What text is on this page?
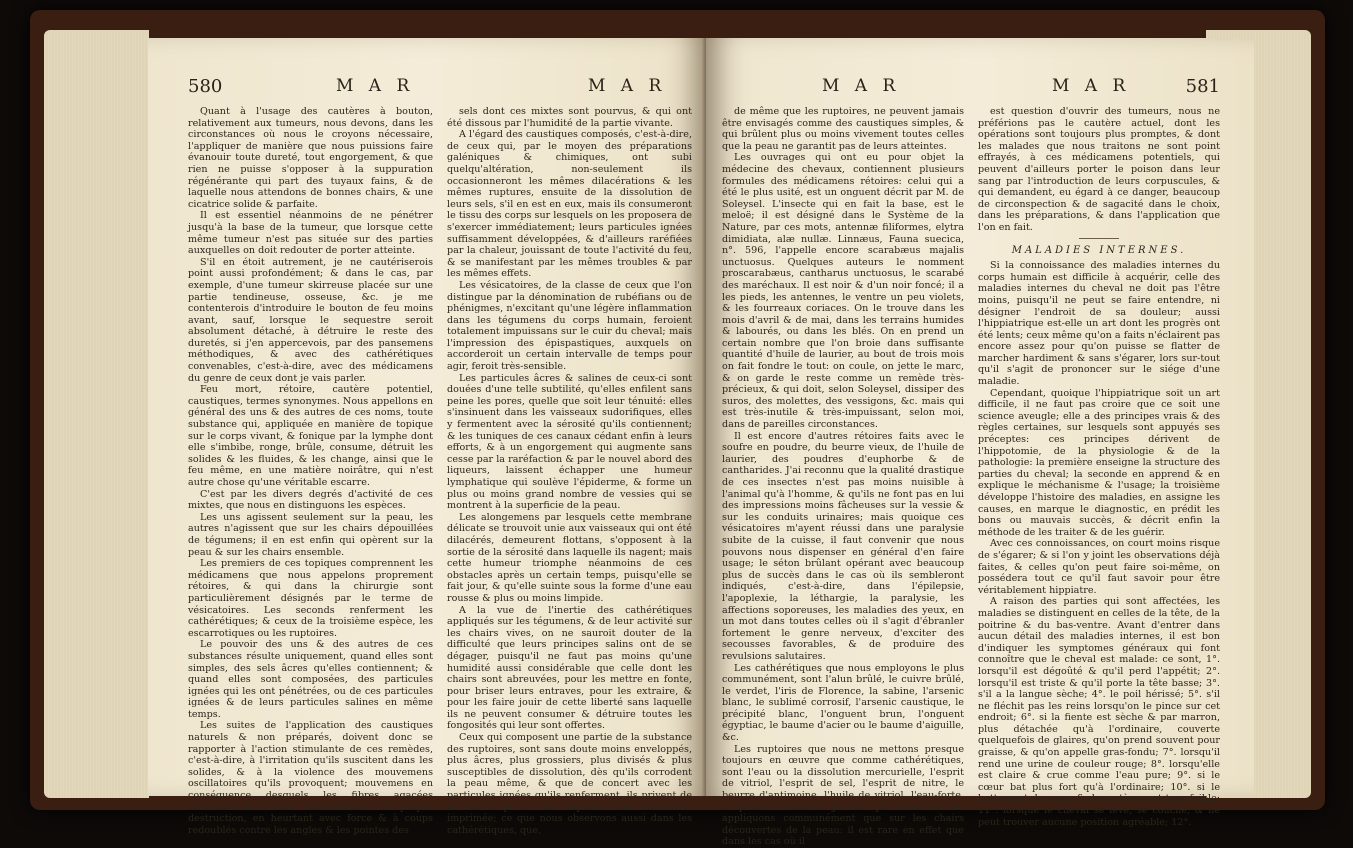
580	M A R	M A R

Quant à l'usage des cautères à bouton, relativement aux tumeurs, nous devons, dans les circonstances où nous le croyons nécessaire, l'appliquer de manière que nous puissions faire évanouir toute dureté, tout engorgement, & que rien ne puisse s'opposer à la suppuration régénérante qui part des tuyaux fains, & de laquelle nous attendons de bonnes chairs, & une cicatrice solide & parfaite.

Il est essentiel néanmoins de ne pénétrer jusqu'à la base de la tumeur, que lorsque cette même tumeur n'est pas située sur des parties auxquelles on doit redouter de porter atteinte.

S'il en étoit autrement, je ne cautériserois point aussi profondément; & dans le cas, par exemple, d'une tumeur skirreuse placée sur une partie tendineuse, osseuse, &c. je me contenterois d'introduire le bouton de feu moins avant, sauf, lorsque le sequestre seroit absolument détaché, à détruire le reste des duretés, si j'en appercevois, par des pansemens méthodiques, & avec des cathérétiques convenables, c'est-à-dire, avec des médicamens du genre de ceux dont je vais parler.

Feu mort, rétoire, cautère potentiel, caustiques, termes synonymes. Nous appellons en général des uns & des autres de ces noms, toute substance qui, appliquée en manière de topique sur le corps vivant, & fonique par la lymphe dont elle s'imbibe, ronge, brûle, consume, détruit les solides & les fluides, & les change, ainsi que le feu même, en une matière noirâtre, qui n'est autre chose qu'une véritable escarre.

C'est par les divers degrés d'activité de ces mixtes, que nous en distinguons les espèces.

Les uns agissent seulement sur la peau, les autres n'agissent que sur les chairs dépouillées de tégumens; il en est enfin qui opèrent sur la peau & sur les chairs ensemble.

Les premiers de ces topiques comprennent les médicamens que nous appelons proprement rétoires, & qui dans la chirurgie sont particulièrement désignés par le terme de vésicatoires. Les seconds renferment les cathérétiques; & ceux de la troisième espèce, les escarrotiques ou les ruptoires.

Le pouvoir des uns & des autres de ces substances résulte uniquement, quand elles sont simples, des sels âcres qu'elles contiennent; & quand elles sont composées, des particules ignées qui les ont pénétrées, ou de ces particules ignées & de leurs particules salines en même temps.

Les suites de l'application des caustiques naturels & non préparés, doivent donc se rapporter à l'action stimulante de ces remèdes, c'est-à-dire, à l'irritation qu'ils suscitent dans les solides, & à la violence des mouvemens oscillatoires qu'ils provoquent; mouvemens en conséquence desquels les fibres agacées sollicitent & hâtent elles-mêmes leur propre destruction, en heurtant avec force & à coups redoublés contre les angles & les pointes des

sels dont ces mixtes sont pourvus, & qui ont été dissous par l'humidité de la partie vivante.

A l'égard des caustiques composés, c'est-à-dire, de ceux qui, par le moyen des préparations galéniques & chimiques, ont subi quelqu'altération, non-seulement ils occasionneront les mêmes dilacérations & les mêmes ruptures, ensuite de la dissolution de leurs sels, s'il en est en eux, mais ils consumeront le tissu des corps sur lesquels on les proposera de s'exercer immédiatement; leurs particules ignées suffisamment développées, & d'ailleurs raréfiées par la chaleur, jouissant de toute l'activité du feu, & se manifestant par les mêmes troubles & par les mêmes effets.

Les vésicatoires, de la classe de ceux que l'on distingue par la dénomination de rubéfians ou de phénigmes, n'excitant qu'une légère inflammation dans les tégumens du corps humain, feroient totalement impuissans sur le cuir du cheval; mais l'impression des épispastiques, auxquels on accorderoit un certain intervalle de temps pour agir, feroit très-sensible.

Les particules âcres & salines de ceux-ci sont douées d'une telle subtilité, qu'elles enfilent sans peine les pores, quelle que soit leur ténuité: elles s'insinuent dans les vaisseaux sudorifiques, elles y fermentent avec la sérosité qu'ils contiennent; & les tuniques de ces canaux cédant enfin à leurs efforts, & à un engorgement qui augmente sans cesse par la raréfaction & par le nouvel abord des liqueurs, laissent échapper une humeur lymphatique qui soulève l'épiderme, & forme un plus ou moins grand nombre de vessies qui se montrent à la superficie de la peau.

Les alongemens par lesquels cette membrane délicate se trouvoit unie aux vaisseaux qui ont été dilacérés, demeurent flottans, s'opposent à la sortie de la sérosité dans laquelle ils nagent; mais cette humeur triomphe néanmoins de ces obstacles après un certain temps, puisqu'elle se fait jour, & qu'elle suinte sous la forme d'une eau rousse & plus ou moins limpide.

A la vue de l'inertie des cathérétiques appliqués sur les tégumens, & de leur activité sur les chairs vives, on ne sauroit douter de la difficulté que leurs principes salins ont de se dégager, puisqu'il ne faut pas moins qu'une humidité aussi considérable que celle dont les chairs sont abreuvées, pour les mettre en fonte, pour briser leurs entraves, pour les extraire, & pour les faire jouir de cette liberté sans laquelle ils ne peuvent consumer & détruire toutes les fongosités qui leur sont offertes.

Ceux qui composent une partie de la substance des ruptoires, sont sans doute moins enveloppés, plus âcres, plus grossiers, plus divisés & plus susceptibles de dissolution, dès qu'ils corrodent la peau même, & que de concert avec les particules ignées qu'ils renferment, ils privent de la vie la partie sur laquelle leur action est imprimée; ce que nous observons aussi dans les cathérétiques, que,

M A R	M A R	581

de même que les ruptoires, ne peuvent jamais être envisagés comme des caustiques simples, & qui brûlent plus ou moins vivement toutes celles que la peau ne garantit pas de leurs atteintes.

Les ouvrages qui ont eu pour objet la médecine des chevaux, contiennent plusieurs formules des médicamens rétoires: celui qui a été le plus usité, est un onguent décrit par M. de Soleysel. L'insecte qui en fait la base, est le meloë; il est désigné dans le Système de la Nature, par ces mots, antennæ filiformes, elytra dimidiata, alæ nullæ. Linnæus, Fauna suecica, n°. 596, l'appelle encore scarabæus majalis unctuosus. Quelques auteurs le nomment proscarabæus, cantharus unctuosus, le scarabé des maréchaux. Il est noir & d'un noir foncé; il a les pieds, les antennes, le ventre un peu violets, & les fourreaux coriaces. On le trouve dans les mois d'avril & de mai, dans les terrains humides & labourés, ou dans les blés. On en prend un certain nombre que l'on broie dans suffisante quantité d'huile de laurier, au bout de trois mois on fait fondre le tout: on coule, on jette le marc, & on garde le reste comme un remède très-précieux, & qui doit, selon Soleysel, dissiper des suros, des molettes, des vessigons, &c. mais qui est très-inutile & très-impuissant, selon moi, dans de pareilles circonstances.

Il est encore d'autres rétoires faits avec le soufre en poudre, du beurre vieux, de l'huile de laurier, des poudres d'euphorbe & de cantharides. J'ai reconnu que la qualité drastique de ces insectes n'est pas moins nuisible à l'animal qu'à l'homme, & qu'ils ne font pas en lui des impressions moins fâcheuses sur la vessie & sur les conduits urinaires; mais quoique ces vésicatoires m'ayent réussi dans une paralysie subite de la cuisse, il faut convenir que nous pouvons nous dispenser en général d'en faire usage; le séton brûlant opérant avec beaucoup plus de succès dans le cas où ils sembleront indiqués, c'est-à-dire, dans l'épilepsie, l'apoplexie, la léthargie, la paralysie, les affections soporeuses, les maladies des yeux, en un mot dans toutes celles où il s'agit d'ébranler fortement le genre nerveux, d'exciter des secousses favorables, & de produire des revulsions salutaires.

Les cathérétiques que nous employons le plus communément, sont l'alun brûlé, le cuivre brûlé, le verdet, l'iris de Florence, la sabine, l'arsenic blanc, le sublimé corrosif, l'arsenic caustique, le précipité blanc, l'onguent brun, l'onguent égyptiac, le baume d'acier ou le baume d'aiguille, &c.

Les ruptoires que nous ne mettons presque toujours en œuvre que comme cathérétiques, sont l'eau ou la dissolution mercurielle, l'esprit de vitriol, l'esprit de sel, l'esprit de nitre, le beurre d'antimoine, l'huile de vitriol, l'eau-forte, la pierre infernale. Je dis que nous ne les appliquons communément que sur les chairs découvertes de la peau: il est rare en effet que dans les cas où il

est question d'ouvrir des tumeurs, nous ne préférions pas le cautère actuel, dont les opérations sont toujours plus promptes, & dont les malades que nous traitons ne sont point effrayés, à ces médicamens potentiels, qui peuvent d'ailleurs porter le poison dans leur sang par l'introduction de leurs corpuscules, & qui demandent, eu égard à ce danger, beaucoup de circonspection & de sagacité dans le choix, dans les préparations, & dans l'application que l'on en fait.

MALADIES INTERNES.

Si la connoissance des maladies internes du corps humain est difficile à acquérir, celle des maladies internes du cheval ne doit pas l'être moins, puisqu'il ne peut se faire entendre, ni désigner l'endroit de sa douleur; aussi l'hippiatrique est-elle un art dont les progrès ont été lents; ceux même qu'on a faits n'éclairent pas encore assez pour qu'on puisse se flatter de marcher hardiment & sans s'égarer, lors sur-tout qu'il s'agit de prononcer sur le siége d'une maladie.

Cependant, quoique l'hippiatrique soit un art difficile, il ne faut pas croire que ce soit une science aveugle; elle a des principes vrais & des règles certaines, sur lesquels sont appuyés ses préceptes: ces principes dérivent de l'hippotomie, de la physiologie & de la pathologie: la première enseigne la structure des parties du cheval; la seconde en apprend & en explique le méchanisme & l'usage; la troisième développe l'histoire des maladies, en assigne les causes, en marque le diagnostic, en prédit les bons ou mauvais succès, & décrit enfin la méthode de les traiter & de les guérir.

Avec ces connoissances, on court moins risque de s'égarer; & si l'on y joint les observations déjà faites, & celles qu'on peut faire soi-même, on possédera tout ce qu'il faut savoir pour être véritablement hippiatre.

A raison des parties qui sont affectées, les maladies se distinguent en celles de la tête, de la poitrine & du bas-ventre. Avant d'entrer dans aucun détail des maladies internes, il est bon d'indiquer les symptomes généraux qui font connoître que le cheval est malade: ce sont, 1°. lorsqu'il est dégoûté & qu'il perd l'appétit; 2°. lorsqu'il est triste & qu'il porte la tête basse; 3°. s'il a la langue sèche; 4°. le poil hérissé; 5°. s'il ne fléchit pas les reins lorsqu'on le pince sur cet endroit; 6°. si la fiente est sèche & par marron, plus détachée qu'à l'ordinaire, couverte quelquefois de glaires, qu'on prend souvent pour graisse, & qu'on appelle gras-fondu; 7°. lorsqu'il rend une urine de couleur rouge; 8°. lorsqu'elle est claire & crue comme l'eau pure; 9°. si le cœur bat plus fort qu'à l'ordinaire; 10°. si le battement du cœur & des artères est trop foible; 11°. lorsque le cheval se lève, se couche, & ne peut trouver aucune position agréable; 12°.
